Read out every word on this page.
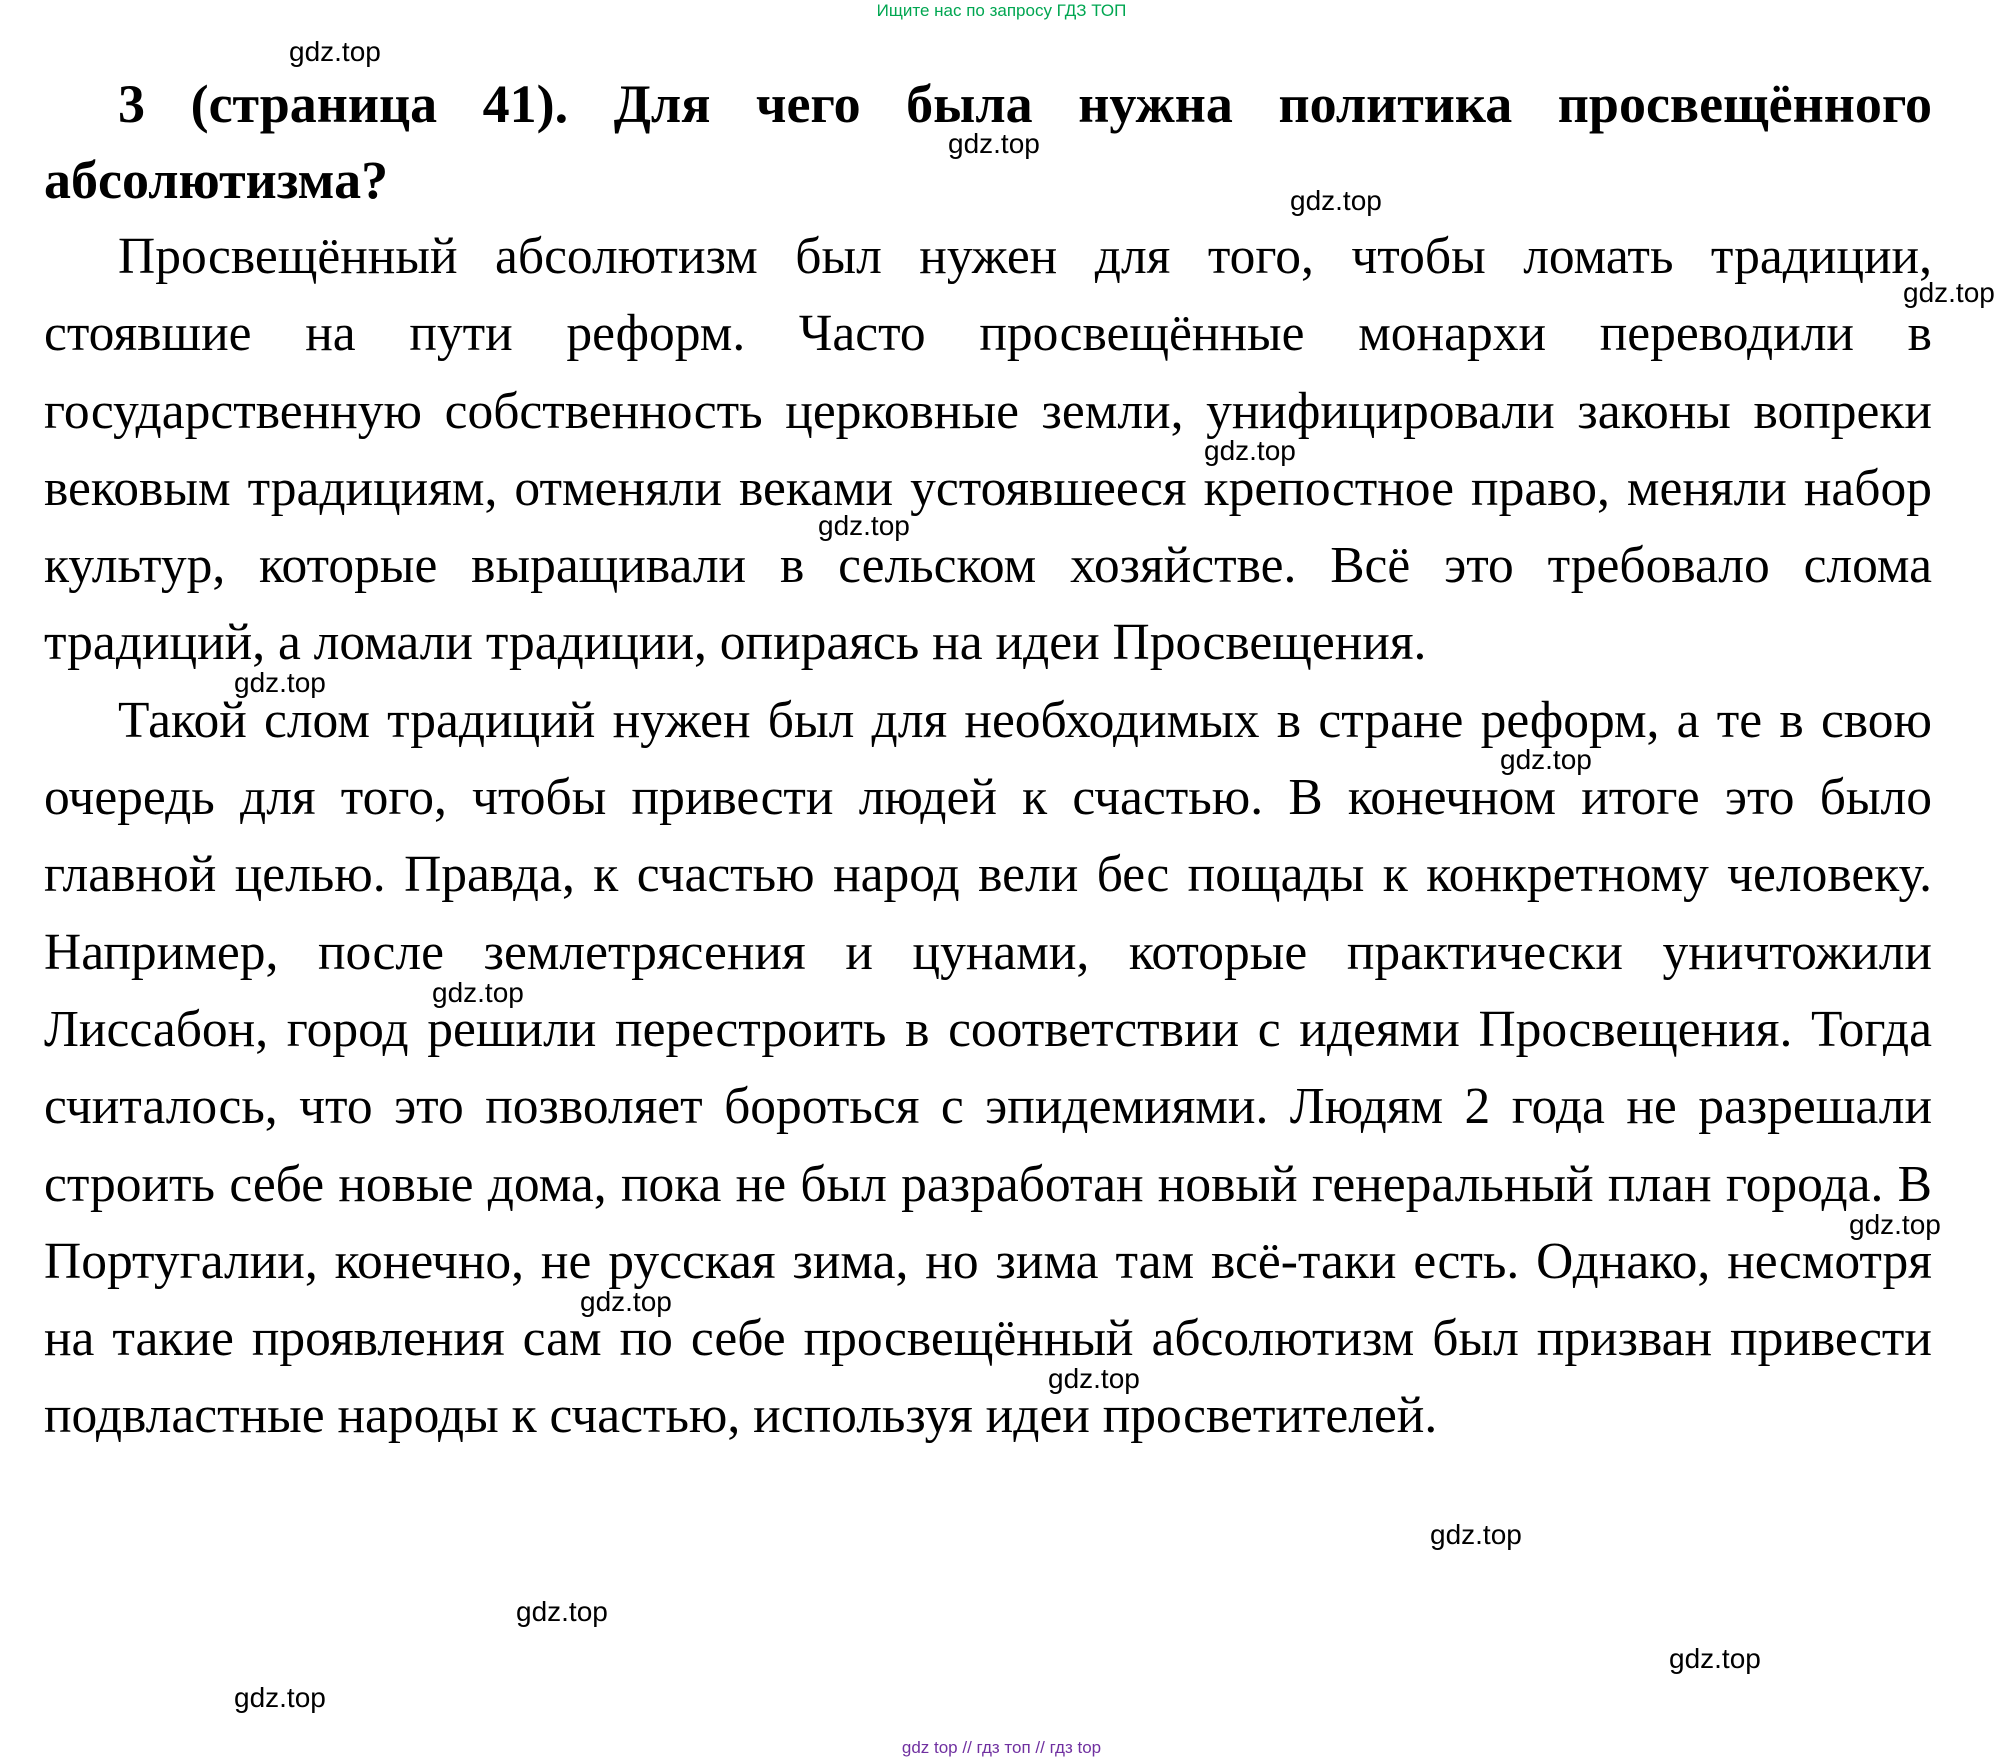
Ищите нас по запросу ГДЗ ТОП

3 (страница 41). Для чего была нужна политика просвещённого абсолютизма?

Просвещённый абсолютизм был нужен для того, чтобы ломать традиции, стоявшие на пути реформ. Часто просвещённые монархи переводили в государственную собственность церковные земли, унифицировали законы вопреки вековым традициям, отменяли веками устоявшееся крепостное право, меняли набор культур, которые выращивали в сельском хозяйстве. Всё это требовало слома традиций, а ломали традиции, опираясь на идеи Просвещения.

Такой слом традиций нужен был для необходимых в стране реформ, а те в свою очередь для того, чтобы привести людей к счастью. В конечном итоге это было главной целью. Правда, к счастью народ вели бес пощады к конкретному человеку. Например, после землетрясения и цунами, которые практически уничтожили Лиссабон, город решили перестроить в соответствии с идеями Просвещения. Тогда считалось, что это позволяет бороться с эпидемиями. Людям 2 года не разрешали строить себе новые дома, пока не был разработан новый генеральный план города. В Португалии, конечно, не русская зима, но зима там всё-таки есть. Однако, несмотря на такие проявления сам по себе просвещённый абсолютизм был призван привести подвластные народы к счастью, используя идеи просветителей.

gdz.top
gdz.top
gdz.top
gdz.top
gdz.top
gdz.top
gdz.top
gdz.top
gdz.top
gdz.top
gdz.top
gdz.top
gdz.top
gdz.top
gdz.top
gdz.top
gdz top // гдз топ // гдз top
